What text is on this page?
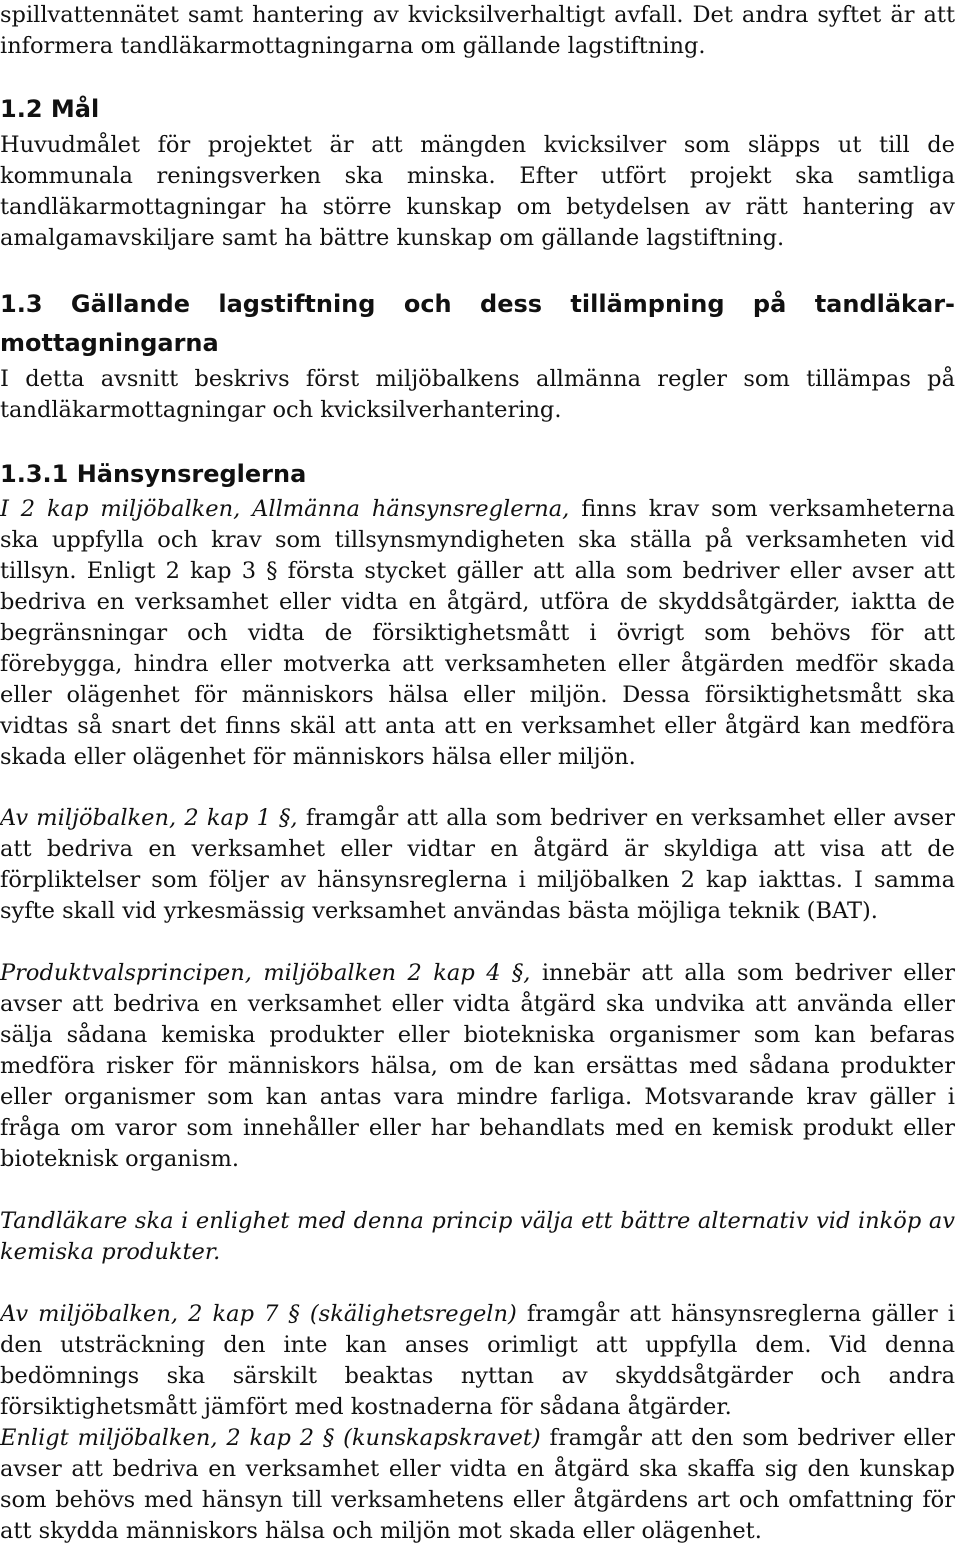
spillvattennätet samt hantering av kvicksilverhaltigt avfall. Det andra syftet är att informera tandläkarmottagningarna om gällande lagstiftning.

1.2 Mål

Huvudmålet för projektet är att mängden kvicksilver som släpps ut till de kommunala reningsverken ska minska. Efter utfört projekt ska samtliga tandläkarmottagningar ha större kunskap om betydelsen av rätt hantering av amalgamavskiljare samt ha bättre kunskap om gällande lagstiftning.

1.3 Gällande lagstiftning och dess tillämpning på tandläkar-mottagningarna

I detta avsnitt beskrivs först miljöbalkens allmänna regler som tillämpas på tandläkarmottagningar och kvicksilverhantering.

1.3.1 Hänsynsreglerna

I 2 kap miljöbalken, Allmänna hänsynsreglerna, finns krav som verksamheterna ska uppfylla och krav som tillsynsmyndigheten ska ställa på verksamheten vid tillsyn. Enligt 2 kap 3 § första stycket gäller att alla som bedriver eller avser att bedriva en verksamhet eller vidta en åtgärd, utföra de skyddsåtgärder, iaktta de begränsningar och vidta de försiktighetsmått i övrigt som behövs för att förebygga, hindra eller motverka att verksamheten eller åtgärden medför skada eller olägenhet för människors hälsa eller miljön. Dessa försiktighetsmått ska vidtas så snart det finns skäl att anta att en verksamhet eller åtgärd kan medföra skada eller olägenhet för människors hälsa eller miljön.

Av miljöbalken, 2 kap 1 §, framgår att alla som bedriver en verksamhet eller avser att bedriva en verksamhet eller vidtar en åtgärd är skyldiga att visa att de förpliktelser som följer av hänsynsreglerna i miljöbalken 2 kap iakttas. I samma syfte skall vid yrkesmässig verksamhet användas bästa möjliga teknik (BAT).

Produktvalsprincipen, miljöbalken 2 kap 4 §, innebär att alla som bedriver eller avser att bedriva en verksamhet eller vidta åtgärd ska undvika att använda eller sälja sådana kemiska produkter eller biotekniska organismer som kan befaras medföra risker för människors hälsa, om de kan ersättas med sådana produkter eller organismer som kan antas vara mindre farliga. Motsvarande krav gäller i fråga om varor som innehåller eller har behandlats med en kemisk produkt eller bioteknisk organism.

Tandläkare ska i enlighet med denna princip välja ett bättre alternativ vid inköp av kemiska produkter.

Av miljöbalken, 2 kap 7 § (skälighetsregeln) framgår att hänsynsreglerna gäller i den utsträckning den inte kan anses orimligt att uppfylla dem. Vid denna bedömnings ska särskilt beaktas nyttan av skyddsåtgärder och andra försiktighetsmått jämfört med kostnaderna för sådana åtgärder.

Enligt miljöbalken, 2 kap 2 § (kunskapskravet) framgår att den som bedriver eller avser att bedriva en verksamhet eller vidta en åtgärd ska skaffa sig den kunskap som behövs med hänsyn till verksamhetens eller åtgärdens art och omfattning för att skydda människors hälsa och miljön mot skada eller olägenhet.
